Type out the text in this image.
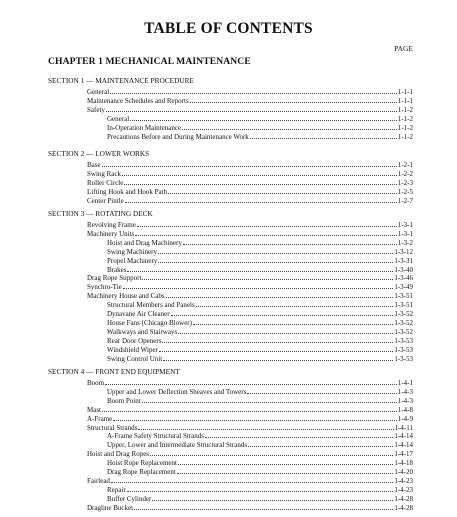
TABLE OF CONTENTS
PAGE
CHAPTER 1 MECHANICAL MAINTENANCE
SECTION 1 — MAINTENANCE PROCEDURE
General	1-1-1
Maintenance Schedules and Reports	1-1-1
Safety	1-1-2
General	1-1-2
In-Operation Maintenance	1-1-2
Precautions Before and During Maintenance Work	1-1-2
SECTION 2 — LOWER WORKS
Base	1-2-1
Swing Rack	1-2-2
Roller Circle	1-2-3
Lifting Hook and Hook Path	1-2-5
Center Pintle	1-2-7
SECTION 3 — ROTATING DECK
Revolving Frame	1-3-1
Machinery Units	1-3-1
Hoist and Drag Machinery	1-3-2
Swing Machinery	1-3-12
Propel Machinery	1-3-31
Brakes	1-3-40
Drag Rope Support	1-3-46
Synchro-Tie	1-3-49
Machinery House and Cabs	1-3-51
Structural Members and Panels	1-3-51
Dynavane Air Cleaner	1-3-52
House Fans (Chicago Blower)	1-3-52
Walkways and Stairways	1-3-52
Rear Door Openers	1-3-53
Windshield Wiper	1-3-53
Swing Control Unit	1-3-53
SECTION 4 — FRONT END EQUIPMENT
Boom	1-4-1
Upper and Lower Deflection Sheaves and Towers	1-4-3
Boom Point	1-4-3
Mast	1-4-8
A-Frame	1-4-9
Structural Strands	1-4-11
A-Frame Safety Structural Strands	1-4-14
Upper, Lower and Intermediate Structural Strands	1-4-14
Hoist and Drag Ropes	1-4-17
Hoist Rope Replacement	1-4-18
Drag Rope Replacement	1-4-20
Fairlead	1-4-23
Repair	1-4-23
Buffer Cylinder	1-4-28
Dragline Bucket	1-4-28
